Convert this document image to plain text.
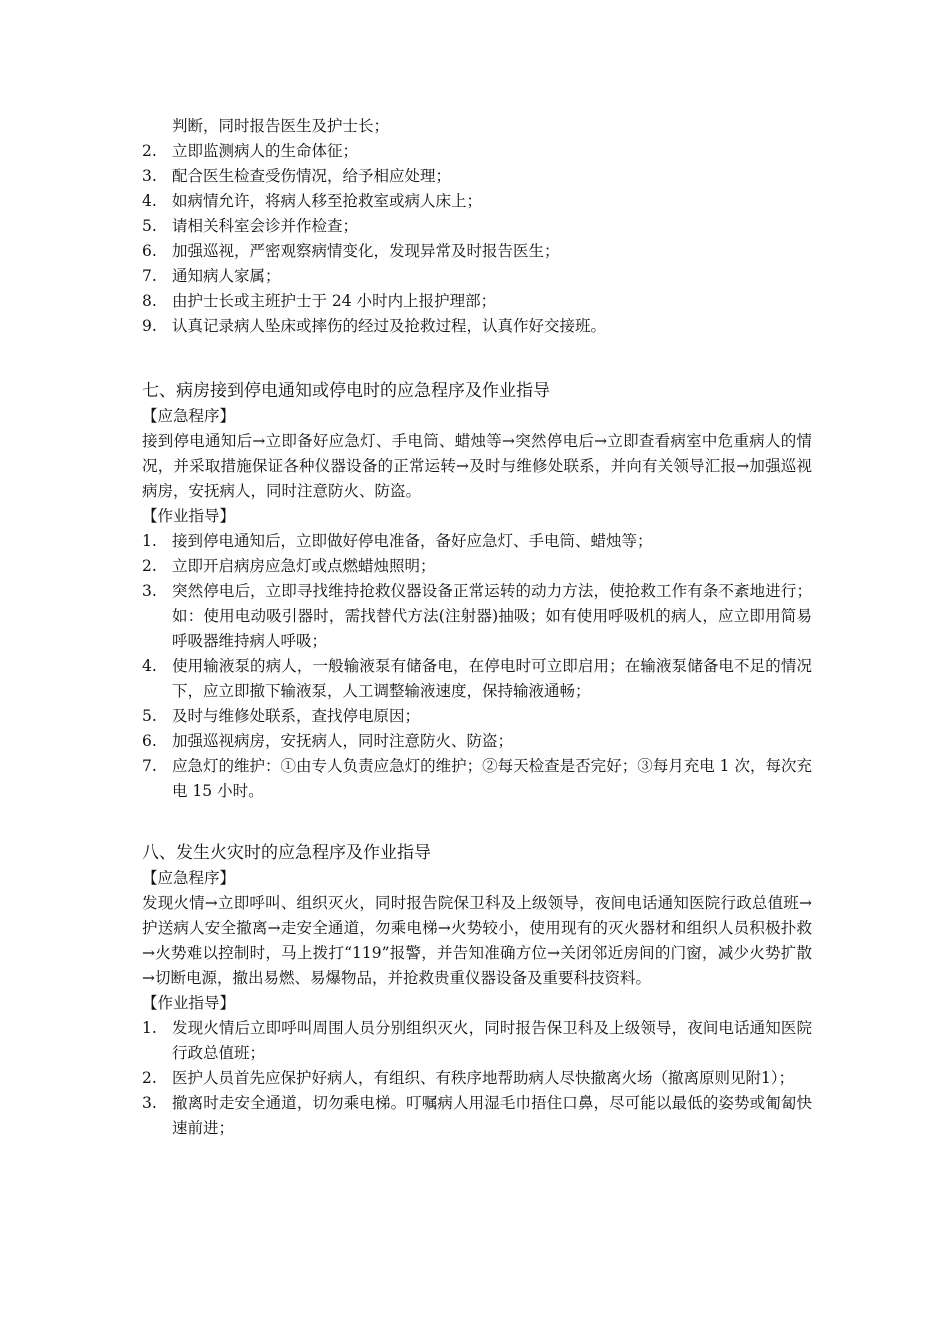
判断，同时报告医生及护士长；
2. 立即监测病人的生命体征；
3. 配合医生检查受伤情况，给予相应处理；
4. 如病情允许，将病人移至抢救室或病人床上；
5. 请相关科室会诊并作检查；
6. 加强巡视，严密观察病情变化，发现异常及时报告医生；
7. 通知病人家属；
8. 由护士长或主班护士于 24 小时内上报护理部；
9. 认真记录病人坠床或摔伤的经过及抢救过程，认真作好交接班。
七、病房接到停电通知或停电时的应急程序及作业指导
【应急程序】
接到停电通知后→立即备好应急灯、手电筒、蜡烛等→突然停电后→立即查看病室中危重病人的情况，并采取措施保证各种仪器设备的正常运转→及时与维修处联系，并向有关领导汇报→加强巡视病房，安抚病人，同时注意防火、防盗。
【作业指导】
1. 接到停电通知后，立即做好停电准备，备好应急灯、手电筒、蜡烛等；
2. 立即开启病房应急灯或点燃蜡烛照明；
3. 突然停电后，立即寻找维持抢救仪器设备正常运转的动力方法，使抢救工作有条不紊地进行；如：使用电动吸引器时，需找替代方法(注射器)抽吸；如有使用呼吸机的病人，应立即用简易呼吸器维持病人呼吸；
4. 使用输液泵的病人，一般输液泵有储备电，在停电时可立即启用；在输液泵储备电不足的情况下，应立即撤下输液泵，人工调整输液速度，保持输液通畅；
5. 及时与维修处联系，查找停电原因；
6. 加强巡视病房，安抚病人，同时注意防火、防盗；
7. 应急灯的维护：①由专人负责应急灯的维护；②每天检查是否完好；③每月充电 1 次，每次充电 15 小时。
八、发生火灾时的应急程序及作业指导
【应急程序】
发现火情→立即呼叫、组织灭火，同时报告院保卫科及上级领导，夜间电话通知医院行政总值班→护送病人安全撤离→走安全通道，勿乘电梯→火势较小，使用现有的灭火器材和组织人员积极扑救→火势难以控制时，马上拨打“119”报警，并告知准确方位→关闭邻近房间的门窗，减少火势扩散→切断电源，撤出易燃、易爆物品，并抢救贵重仪器设备及重要科技资料。
【作业指导】
1. 发现火情后立即呼叫周围人员分别组织灭火，同时报告保卫科及上级领导，夜间电话通知医院行政总值班；
2. 医护人员首先应保护好病人，有组织、有秩序地帮助病人尽快撤离火场（撤离原则见附1）；
3. 撤离时走安全通道，切勿乘电梯。叮嘱病人用湿毛巾捂住口鼻，尽可能以最低的姿势或匍匐快速前进；
